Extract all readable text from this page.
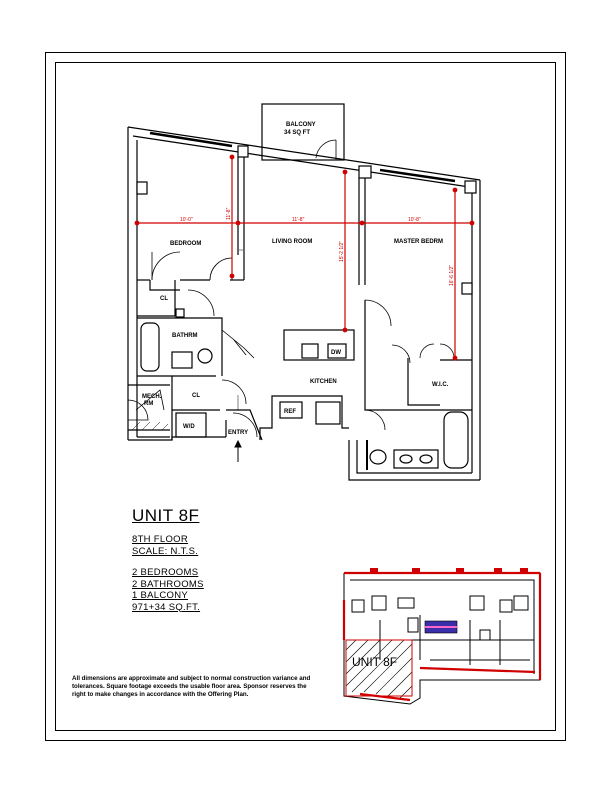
BALCONY
34 SQ FT
10'-0"	11'-8"	10'-8"
11'-8"
15'-2 1/2"
16'-6 1/2"
BEDROOM	LIVING ROOM	MASTER BEDRM
CL
BATHRM
KITCHEN
MECH.
RM
CL
W/D
ENTRY
REF
DW
W.I.C.
UNIT 8F

UNIT 8F

8TH FLOOR

SCALE: N.T.S.

2 BEDROOMS

2 BATHROOMS

1 BALCONY

971+34 SQ.FT.

All dimensions are approximate and subject to normal construction variance and tolerances. Square footage exceeds the usable floor area. Sponsor reserves the right to make changes in accordance with the Offering Plan.
